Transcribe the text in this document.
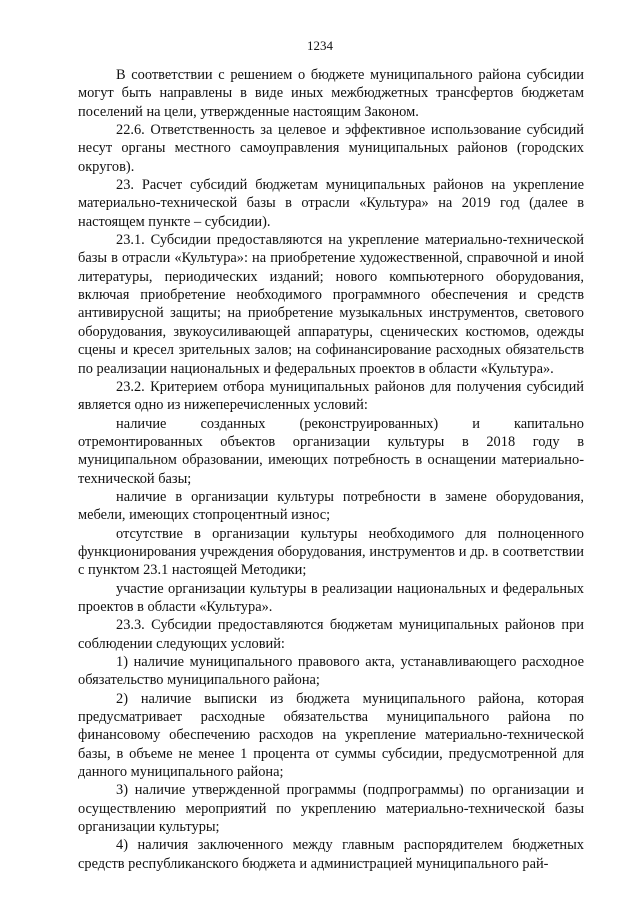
1234

В соответствии с решением о бюджете муниципального района субсидии могут быть направлены в виде иных межбюджетных трансфертов бюджетам поселений на цели, утвержденные настоящим Законом.

22.6. Ответственность за целевое и эффективное использование субсидий несут органы местного самоуправления муниципальных районов (городских округов).

23. Расчет субсидий бюджетам муниципальных районов на укрепление материально-технической базы в отрасли «Культура» на 2019 год (далее в настоящем пункте – субсидии).

23.1. Субсидии предоставляются на укрепление материально-технической базы в отрасли «Культура»: на приобретение художественной, справочной и иной литературы, периодических изданий; нового компьютерного оборудования, включая приобретение необходимого программного обеспечения и средств антивирусной защиты; на приобретение музыкальных инструментов, светового оборудования, звукоусиливающей аппаратуры, сценических костюмов, одежды сцены и кресел зрительных залов; на софинансирование расходных обязательств по реализации национальных и федеральных проектов в области «Культура».

23.2. Критерием отбора муниципальных районов для получения субсидий является одно из нижеперечисленных условий:

наличие созданных (реконструированных) и капитально отремонтированных объектов организации культуры в 2018 году в муниципальном образовании, имеющих потребность в оснащении материально-технической базы;

наличие в организации культуры потребности в замене оборудования, мебели, имеющих стопроцентный износ;

отсутствие в организации культуры необходимого для полноценного функционирования учреждения оборудования, инструментов и др. в соответствии с пунктом 23.1 настоящей Методики;

участие организации культуры в реализации национальных и федеральных проектов в области «Культура».

23.3. Субсидии предоставляются бюджетам муниципальных районов при соблюдении следующих условий:

1) наличие муниципального правового акта, устанавливающего расходное обязательство муниципального района;

2) наличие выписки из бюджета муниципального района, которая предусматривает расходные обязательства муниципального района по финансовому обеспечению расходов на укрепление материально-технической базы, в объеме не менее 1 процента от суммы субсидии, предусмотренной для данного муниципального района;

3) наличие утвержденной программы (подпрограммы) по организации и осуществлению мероприятий по укреплению материально-технической базы организации культуры;

4) наличия заключенного между главным распорядителем бюджетных средств республиканского бюджета и администрацией муниципального рай-
